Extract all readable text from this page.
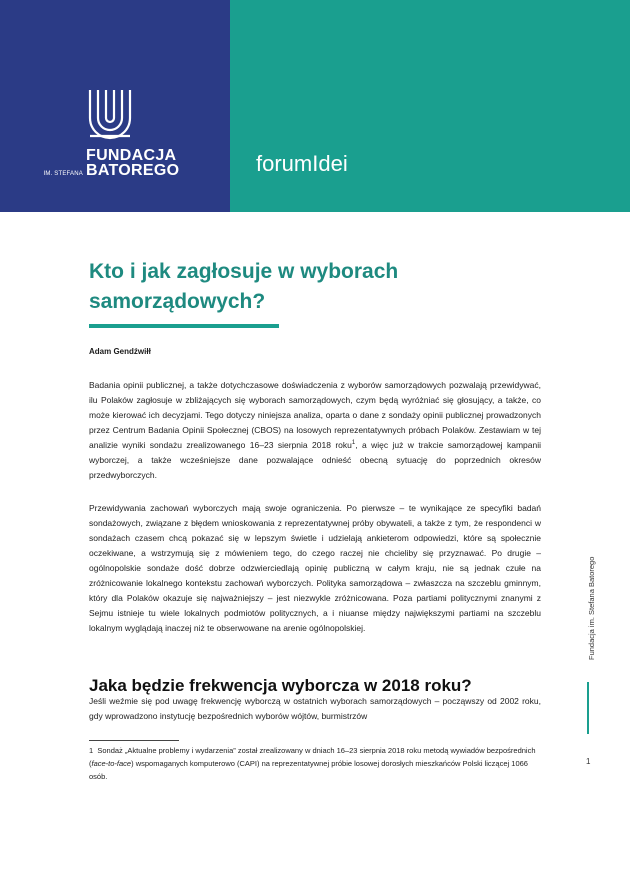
FUNDACJA
BATOREGO
IM. STEFANA	forumIdei
Kto i jak zagłosuje w wyborach samorządowych?
Adam Gendźwiłł

Badania opinii publicznej, a także dotychczasowe doświadczenia z wyborów samorządowych pozwalają przewidywać, ilu Polaków zagłosuje w zbliżających się wyborach samorządowych, czym będą wyróżniać się głosujący, a także, co może kierować ich decyzjami. Tego dotyczy niniejsza analiza, oparta o dane z sondaży opinii publicznej prowadzonych przez Centrum Badania Opinii Społecznej (CBOS) na losowych reprezentatywnych próbach Polaków. Zestawiam w tej analizie wyniki sondażu zrealizowanego 16–23 sierpnia 2018 roku$^1$, a więc już w trakcie samorządowej kampanii wyborczej, a także wcześniejsze dane pozwalające odnieść obecną sytuację do poprzednich okresów przedwyborczych.

Przewidywania zachowań wyborczych mają swoje ograniczenia. Po pierwsze – te wynikające ze specyfiki badań sondażowych, związane z błędem wnioskowania z reprezentatywnej próby obywateli, a także z tym, że respondenci w sondażach czasem chcą pokazać się w lepszym świetle i udzielają ankieterom odpowiedzi, które są społecznie oczekiwane, a wstrzymują się z mówieniem tego, do czego raczej nie chcieliby się przyznawać. Po drugie – ogólnopolskie sondaże dość dobrze odzwierciedlają opinię publiczną w całym kraju, nie są jednak czułe na zróżnicowanie lokalnego kontekstu zachowań wyborczych. Polityka samorządowa – zwłaszcza na szczeblu gminnym, który dla Polaków okazuje się najważniejszy – jest niezwykle zróżnicowana. Poza partiami politycznymi znanymi z Sejmu istnieje tu wiele lokalnych podmiotów politycznych, a i niuanse między największymi partiami na szczeblu lokalnym wyglądają inaczej niż te obserwowane na arenie ogólnopolskiej.

Jaka będzie frekwencja wyborcza w 2018 roku?

Jeśli weźmie się pod uwagę frekwencję wyborczą w ostatnich wyborach samorządowych – począwszy od 2002 roku, gdy wprowadzono instytucję bezpośrednich wyborów wójtów, burmistrzów

1 Sondaż „Aktualne problemy i wydarzenia” został zrealizowany w dniach 16–23 sierpnia 2018 roku metodą wywiadów bezpośrednich (face-to-face) wspomaganych komputerowo (CAPI) na reprezentatywnej próbie losowej dorosłych mieszkańców Polski liczącej 1066 osób.

Fundacja im. Stefana Batorego
1
